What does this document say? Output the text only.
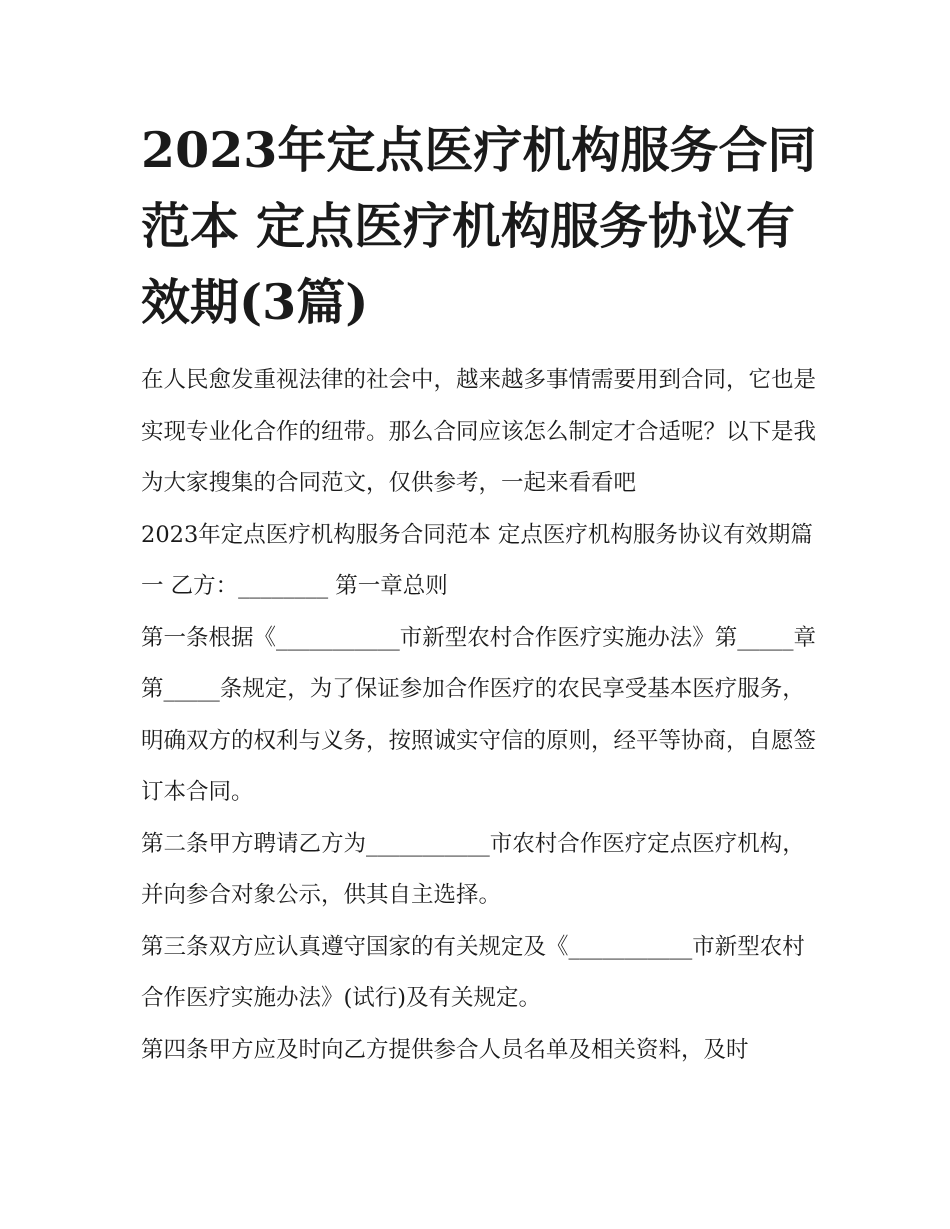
2023年定点医疗机构服务合同范本 定点医疗机构服务协议有效期(3篇)

在人民愈发重视法律的社会中，越来越多事情需要用到合同，它也是实现专业化合作的纽带。那么合同应该怎么制定才合适呢？以下是我为大家搜集的合同范文，仅供参考，一起来看看吧

2023年定点医疗机构服务合同范本 定点医疗机构服务协议有效期篇一 乙方：________ 第一章总则

第一条根据《___________市新型农村合作医疗实施办法》第_____章第_____条规定，为了保证参加合作医疗的农民享受基本医疗服务，明确双方的权利与义务，按照诚实守信的原则，经平等协商，自愿签订本合同。

第二条甲方聘请乙方为___________市农村合作医疗定点医疗机构，并向参合对象公示，供其自主选择。

第三条双方应认真遵守国家的有关规定及《___________市新型农村合作医疗实施办法》(试行)及有关规定。

第四条甲方应及时向乙方提供参合人员名单及相关资料，及时
